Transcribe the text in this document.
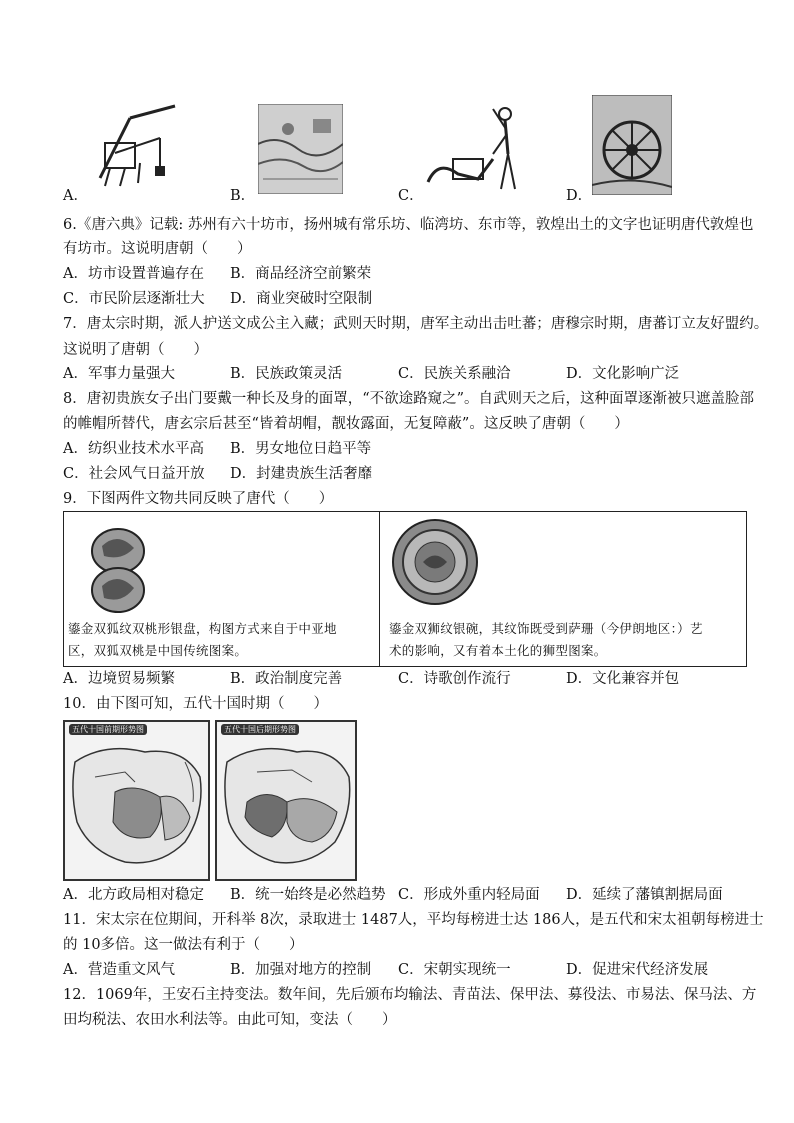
A．	B．	C．	D．
6.《唐六典》记载: 苏州有六十坊市，扬州城有常乐坊、临湾坊、东市等，敦煌出土的文字也证明唐代敦煌也
有坊市。这说明唐朝（　　）
A．坊市设置普遍存在 B．商品经济空前繁荣
C．市民阶层逐渐壮大 D．商业突破时空限制
7．唐太宗时期，派人护送文成公主入藏；武则天时期，唐军主动出击吐蕃；唐穆宗时期，唐蕃订立友好盟约。
这说明了唐朝（　　）
A．军事力量强大	B．民族政策灵活	C．民族关系融洽	D．文化影响广泛
8．唐初贵族女子出门要戴一种长及身的面罩，“不欲途路窥之”。自武则天之后，这种面罩逐渐被只遮盖脸部
的帷帽所替代，唐玄宗后甚至“皆着胡帽，靓妆露面，无复障蔽”。这反映了唐朝（　　）
A．纺织业技术水平高 B．男女地位日趋平等
C．社会风气日益开放 D．封建贵族生活奢靡
9．下图两件文物共同反映了唐代（　　）
鎏金双狐纹双桃形银盘，构图方式来自于中亚地
区，双狐双桃是中国传统图案。
鎏金双狮纹银碗，其纹饰既受到萨珊（今伊朗地区：）艺
术的影响，又有着本土化的狮型图案。
A．边境贸易频繁	B．政治制度完善	C．诗歌创作流行	D．文化兼容并包
10．由下图可知，五代十国时期（　　）
五代十国前期形势图	五代十国后期形势图
A．北方政局相对稳定 B．统一始终是必然趋势 C．形成外重内轻局面 D．延续了藩镇割据局面
11．宋太宗在位期间，开科举 8次，录取进士 1487人，平均每榜进士达 186人，是五代和宋太祖朝每榜进士
的 10多倍。这一做法有利于（　　）
A．营造重文风气	B．加强对地方的控制 C．宋朝实现统一	D．促进宋代经济发展
12．1069年，王安石主持变法。数年间，先后颁布均输法、青苗法、保甲法、募役法、市易法、保马法、方
田均税法、农田水利法等。由此可知，变法（　　）
